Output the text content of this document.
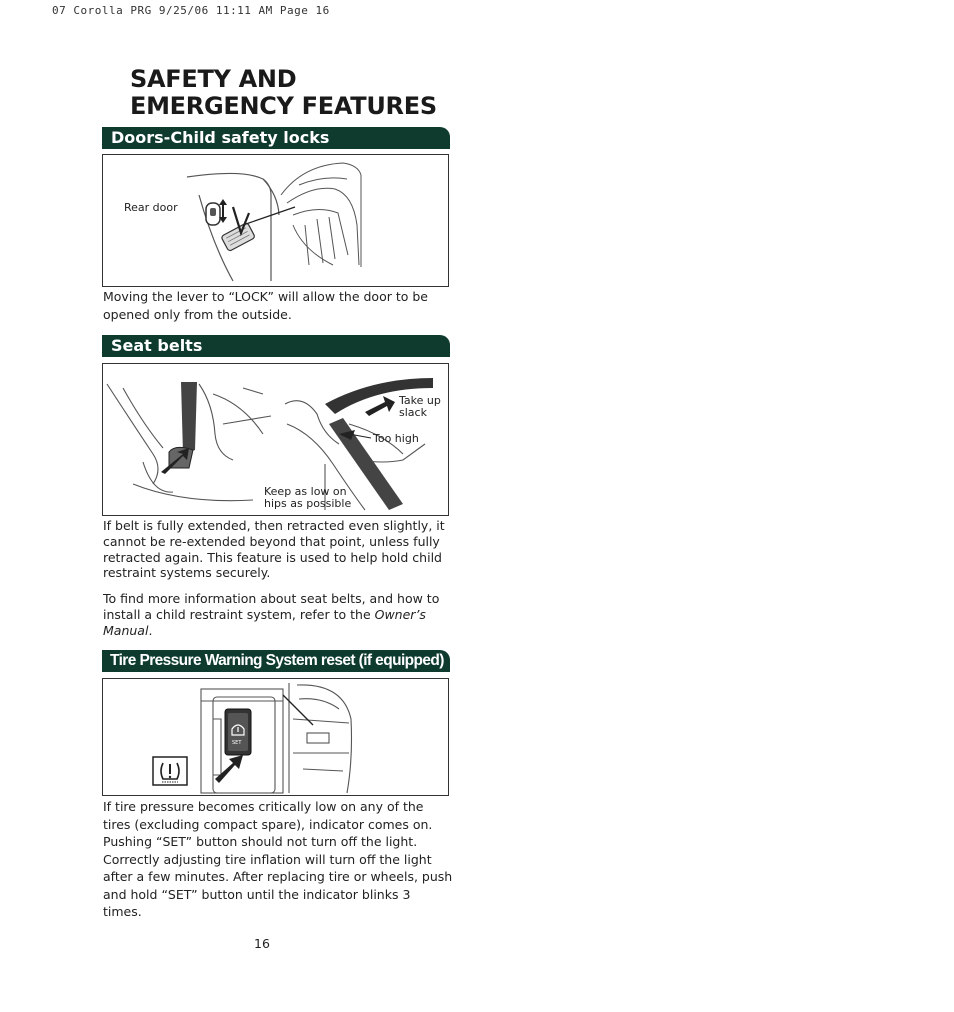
07 Corolla PRG 9/25/06 11:11 AM Page 16
SAFETY AND
EMERGENCY FEATURES
Doors-Child safety locks
Rear door

Moving the lever to “LOCK” will allow the door to be opened only from the outside.

Seat belts
Take up
slack
Too high
Keep as low on
hips as possible

If belt is fully extended, then retracted even slightly, it cannot be re-extended beyond that point, unless fully retracted again. This feature is used to help hold child restraint systems securely.

To find more information about seat belts, and how to install a child restraint system, refer to the Owner’s Manual.

Tire Pressure Warning System reset (if equipped)
SET

If tire pressure becomes critically low on any of the tires (excluding compact spare), indicator comes on. Pushing “SET” button should not turn off the light. Correctly adjusting tire inflation will turn off the light after a few minutes. After replacing tire or wheels, push and hold “SET” button until the indicator blinks 3 times.

16
